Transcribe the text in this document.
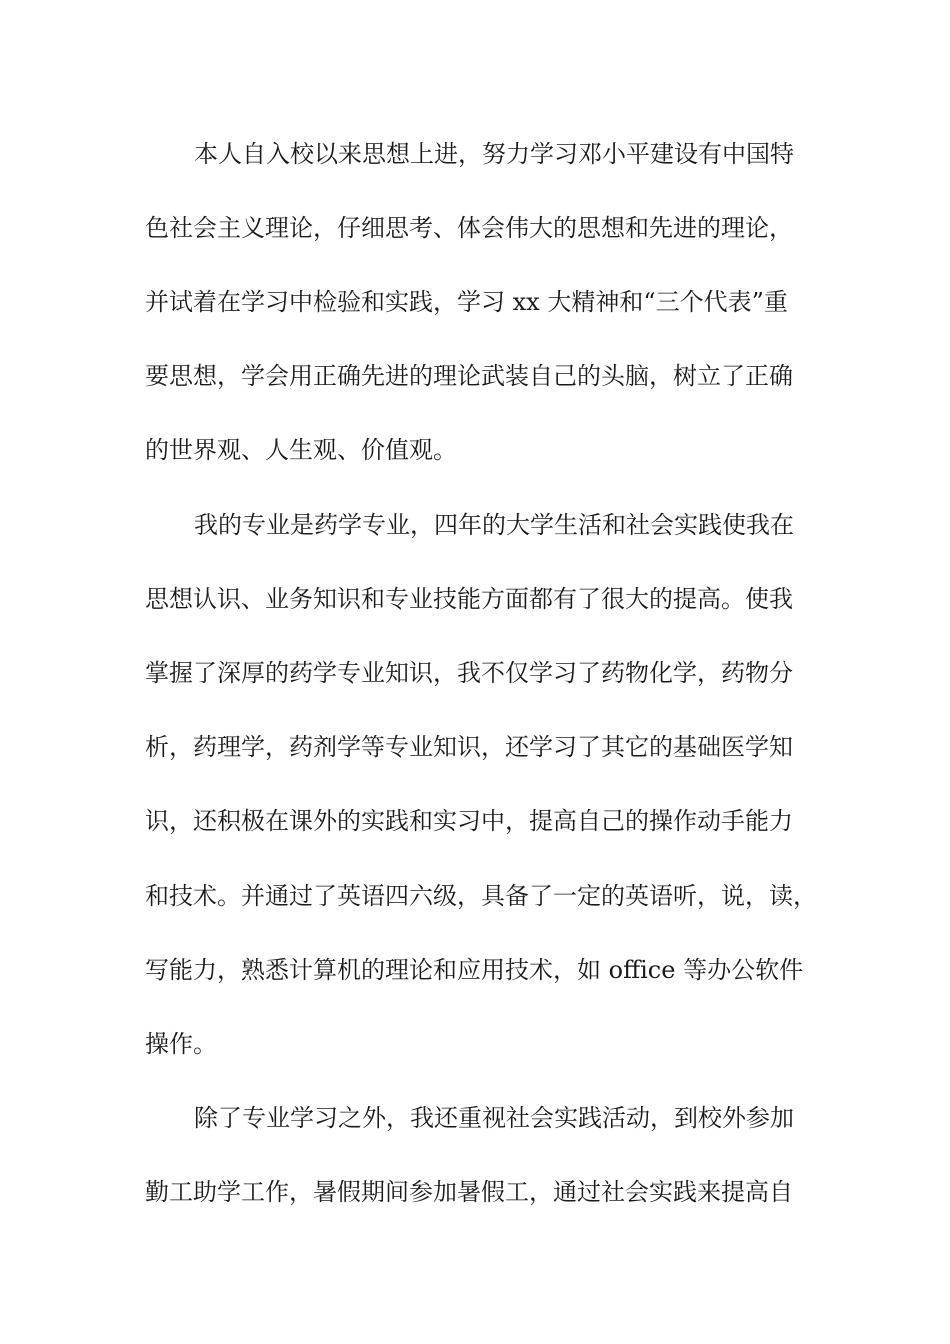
本人自入校以来思想上进，努力学习邓小平建设有中国特
色社会主义理论，仔细思考、体会伟大的思想和先进的理论，
并试着在学习中检验和实践，学习 xx 大精神和“三个代表”重
要思想，学会用正确先进的理论武装自己的头脑，树立了正确
的世界观、人生观、价值观。
我的专业是药学专业，四年的大学生活和社会实践使我在
思想认识、业务知识和专业技能方面都有了很大的提高。使我
掌握了深厚的药学专业知识，我不仅学习了药物化学，药物分
析，药理学，药剂学等专业知识，还学习了其它的基础医学知
识，还积极在课外的实践和实习中，提高自己的操作动手能力
和技术。并通过了英语四六级，具备了一定的英语听，说，读，
写能力，熟悉计算机的理论和应用技术，如 office 等办公软件
操作。
除了专业学习之外，我还重视社会实践活动，到校外参加
勤工助学工作，暑假期间参加暑假工，通过社会实践来提高自
